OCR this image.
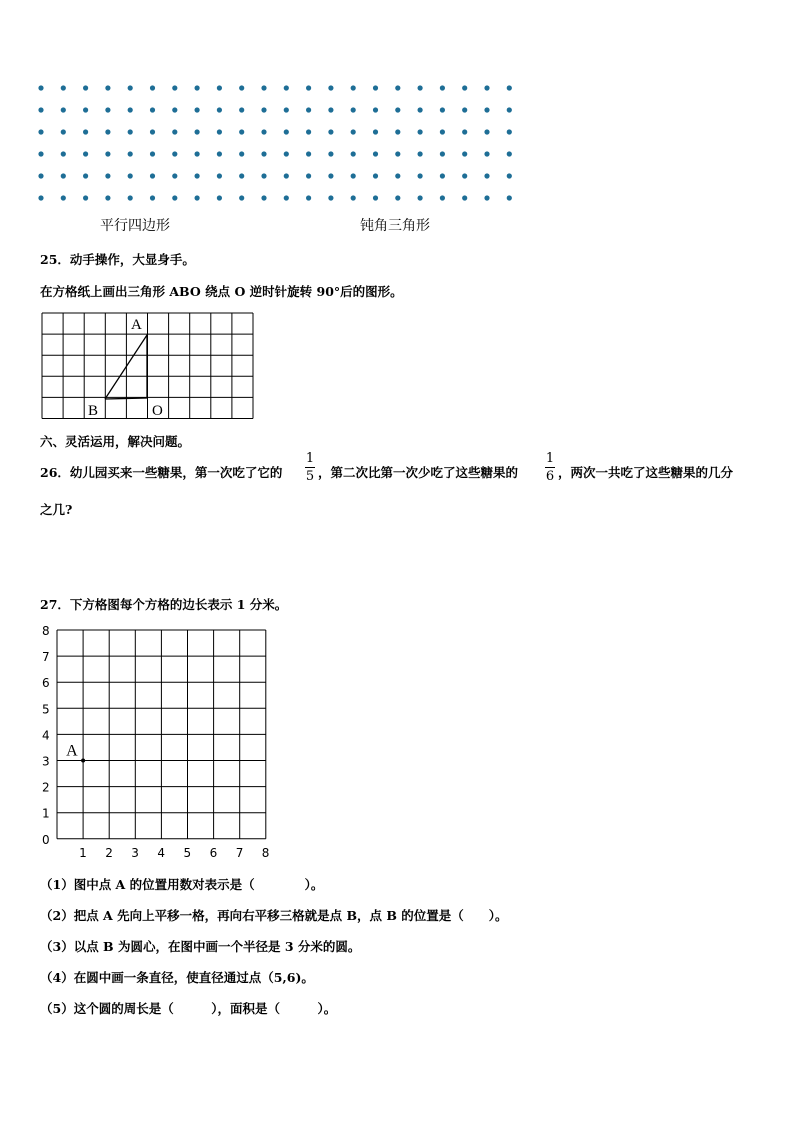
平行四边形	钝角三角形
25．动手操作，大显身手。
在方格纸上画出三角形 ABO 绕点 O 逆时针旋转 90°后的图形。
A
B	O
六、灵活运用，解决问题。
26．幼儿园买来一些糖果，第一次吃了它的
1
5 ，第二次比第一次少吃了这些糖果的
1
6 ，两次一共吃了这些糖果的几分
之几?
27．下方格图每个方格的边长表示 1 分米。
8
7
6
5
4
3
2
1
0
1 2 3 4 5 6 7 8
A
（1）图中点 A 的位置用数对表示是（　　　　）。
（2）把点 A 先向上平移一格，再向右平移三格就是点 B，点 B 的位置是（　　）。
（3）以点 B 为圆心，在图中画一个半径是 3 分米的圆。
（4）在圆中画一条直径，使直径通过点（5,6)。
（5）这个圆的周长是（　　　），面积是（　　　）。
